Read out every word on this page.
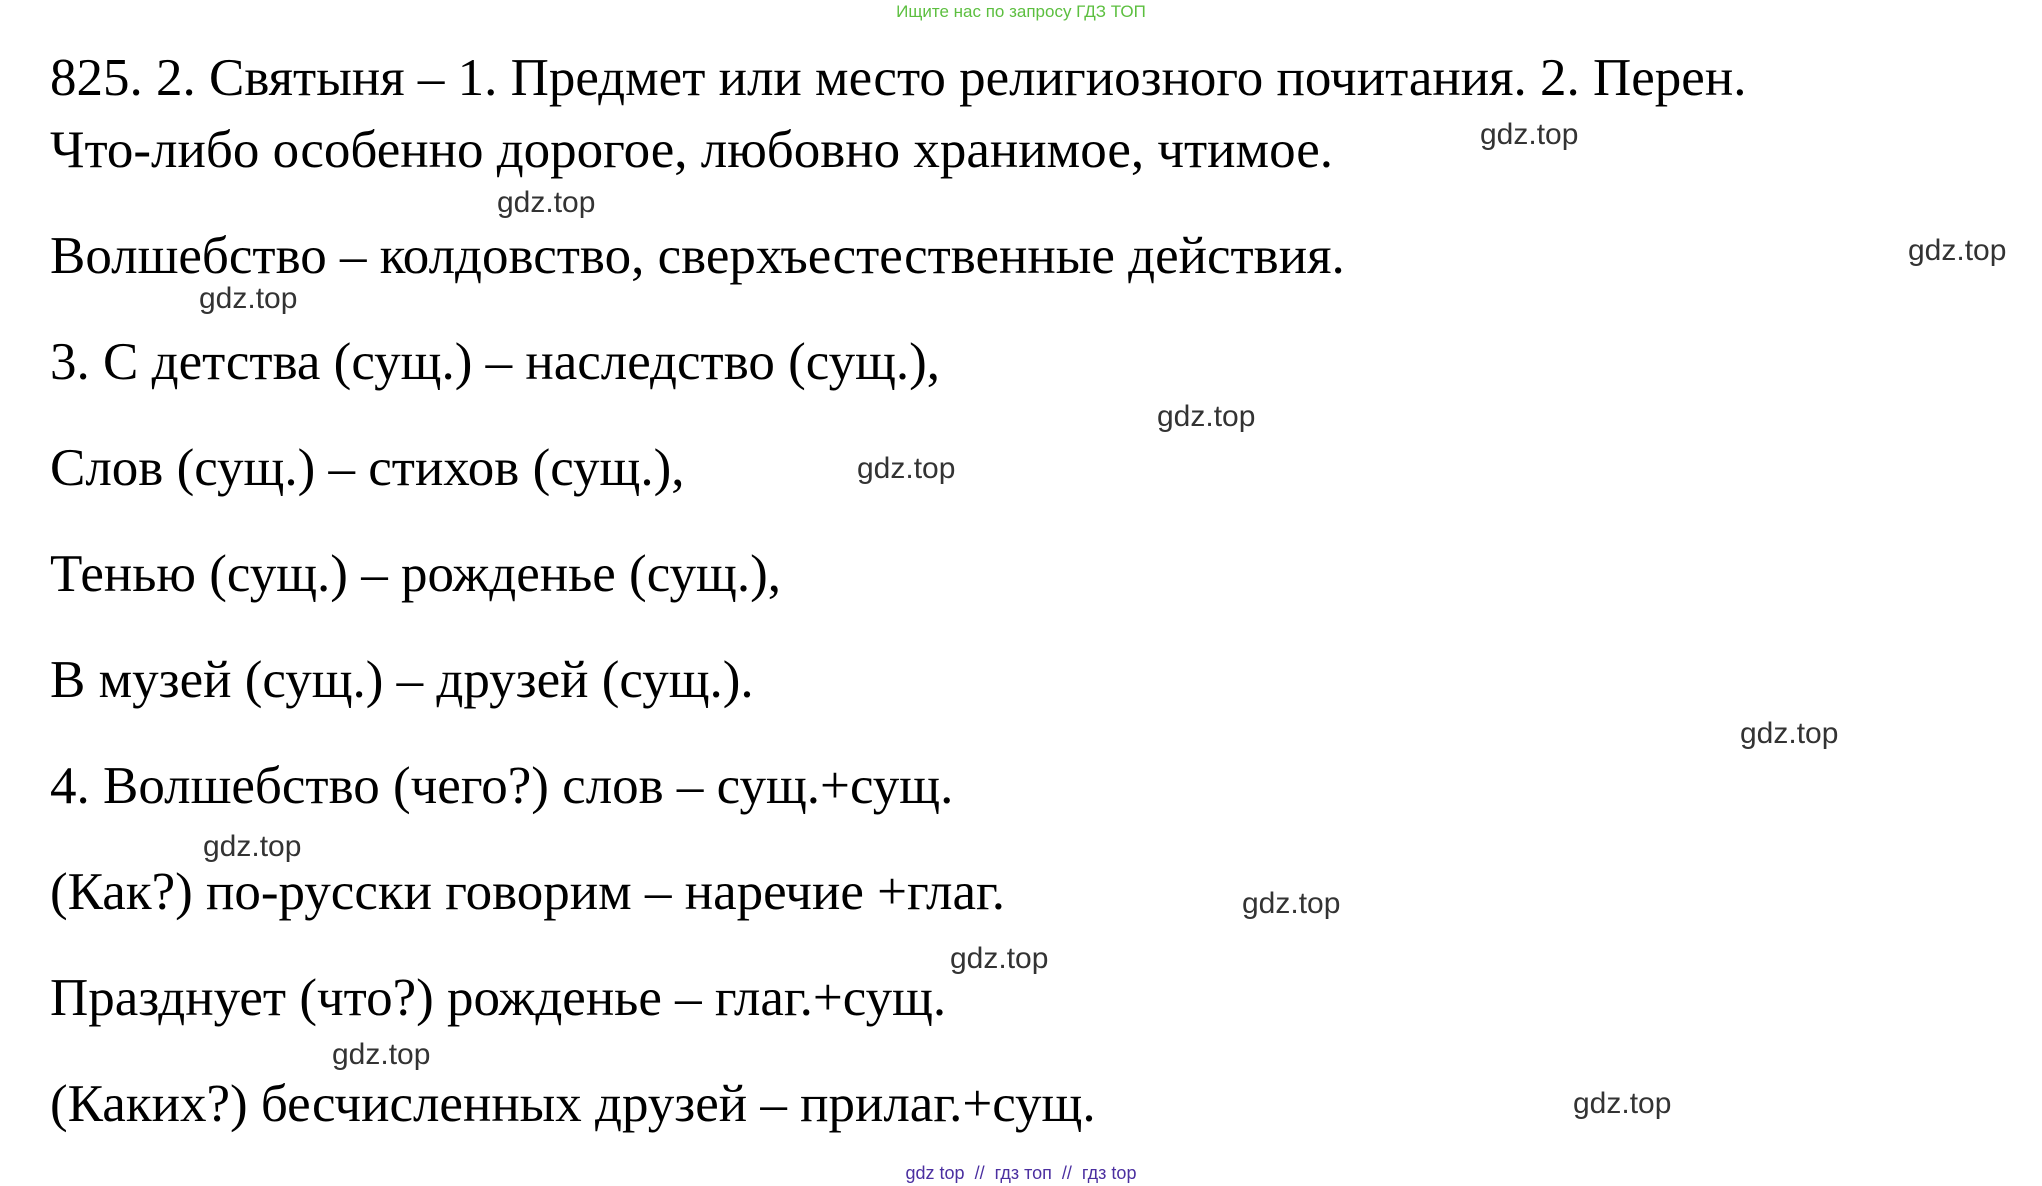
Ищите нас по запросу ГДЗ ТОП
825. 2. Святыня – 1. Предмет или место религиозного почитания. 2. Перен.
Что-либо особенно дорогое, любовно хранимое, чтимое.
Волшебство – колдовство, сверхъестественные действия.
3. С детства (сущ.) – наследство (сущ.),
Слов (сущ.) – стихов (сущ.),
Тенью (сущ.) – рожденье (сущ.),
В музей (сущ.) – друзей (сущ.).
4. Волшебство (чего?) слов – сущ.+сущ.
(Как?) по-русски говорим – наречие +глаг.
Празднует (что?) рожденье – глаг.+сущ.
(Каких?) бесчисленных друзей – прилаг.+сущ.
gdz.top
gdz.top
gdz.top
gdz.top
gdz.top
gdz.top
gdz.top
gdz.top
gdz.top
gdz.top
gdz.top
gdz.top
gdz top // гдз топ // гдз top
